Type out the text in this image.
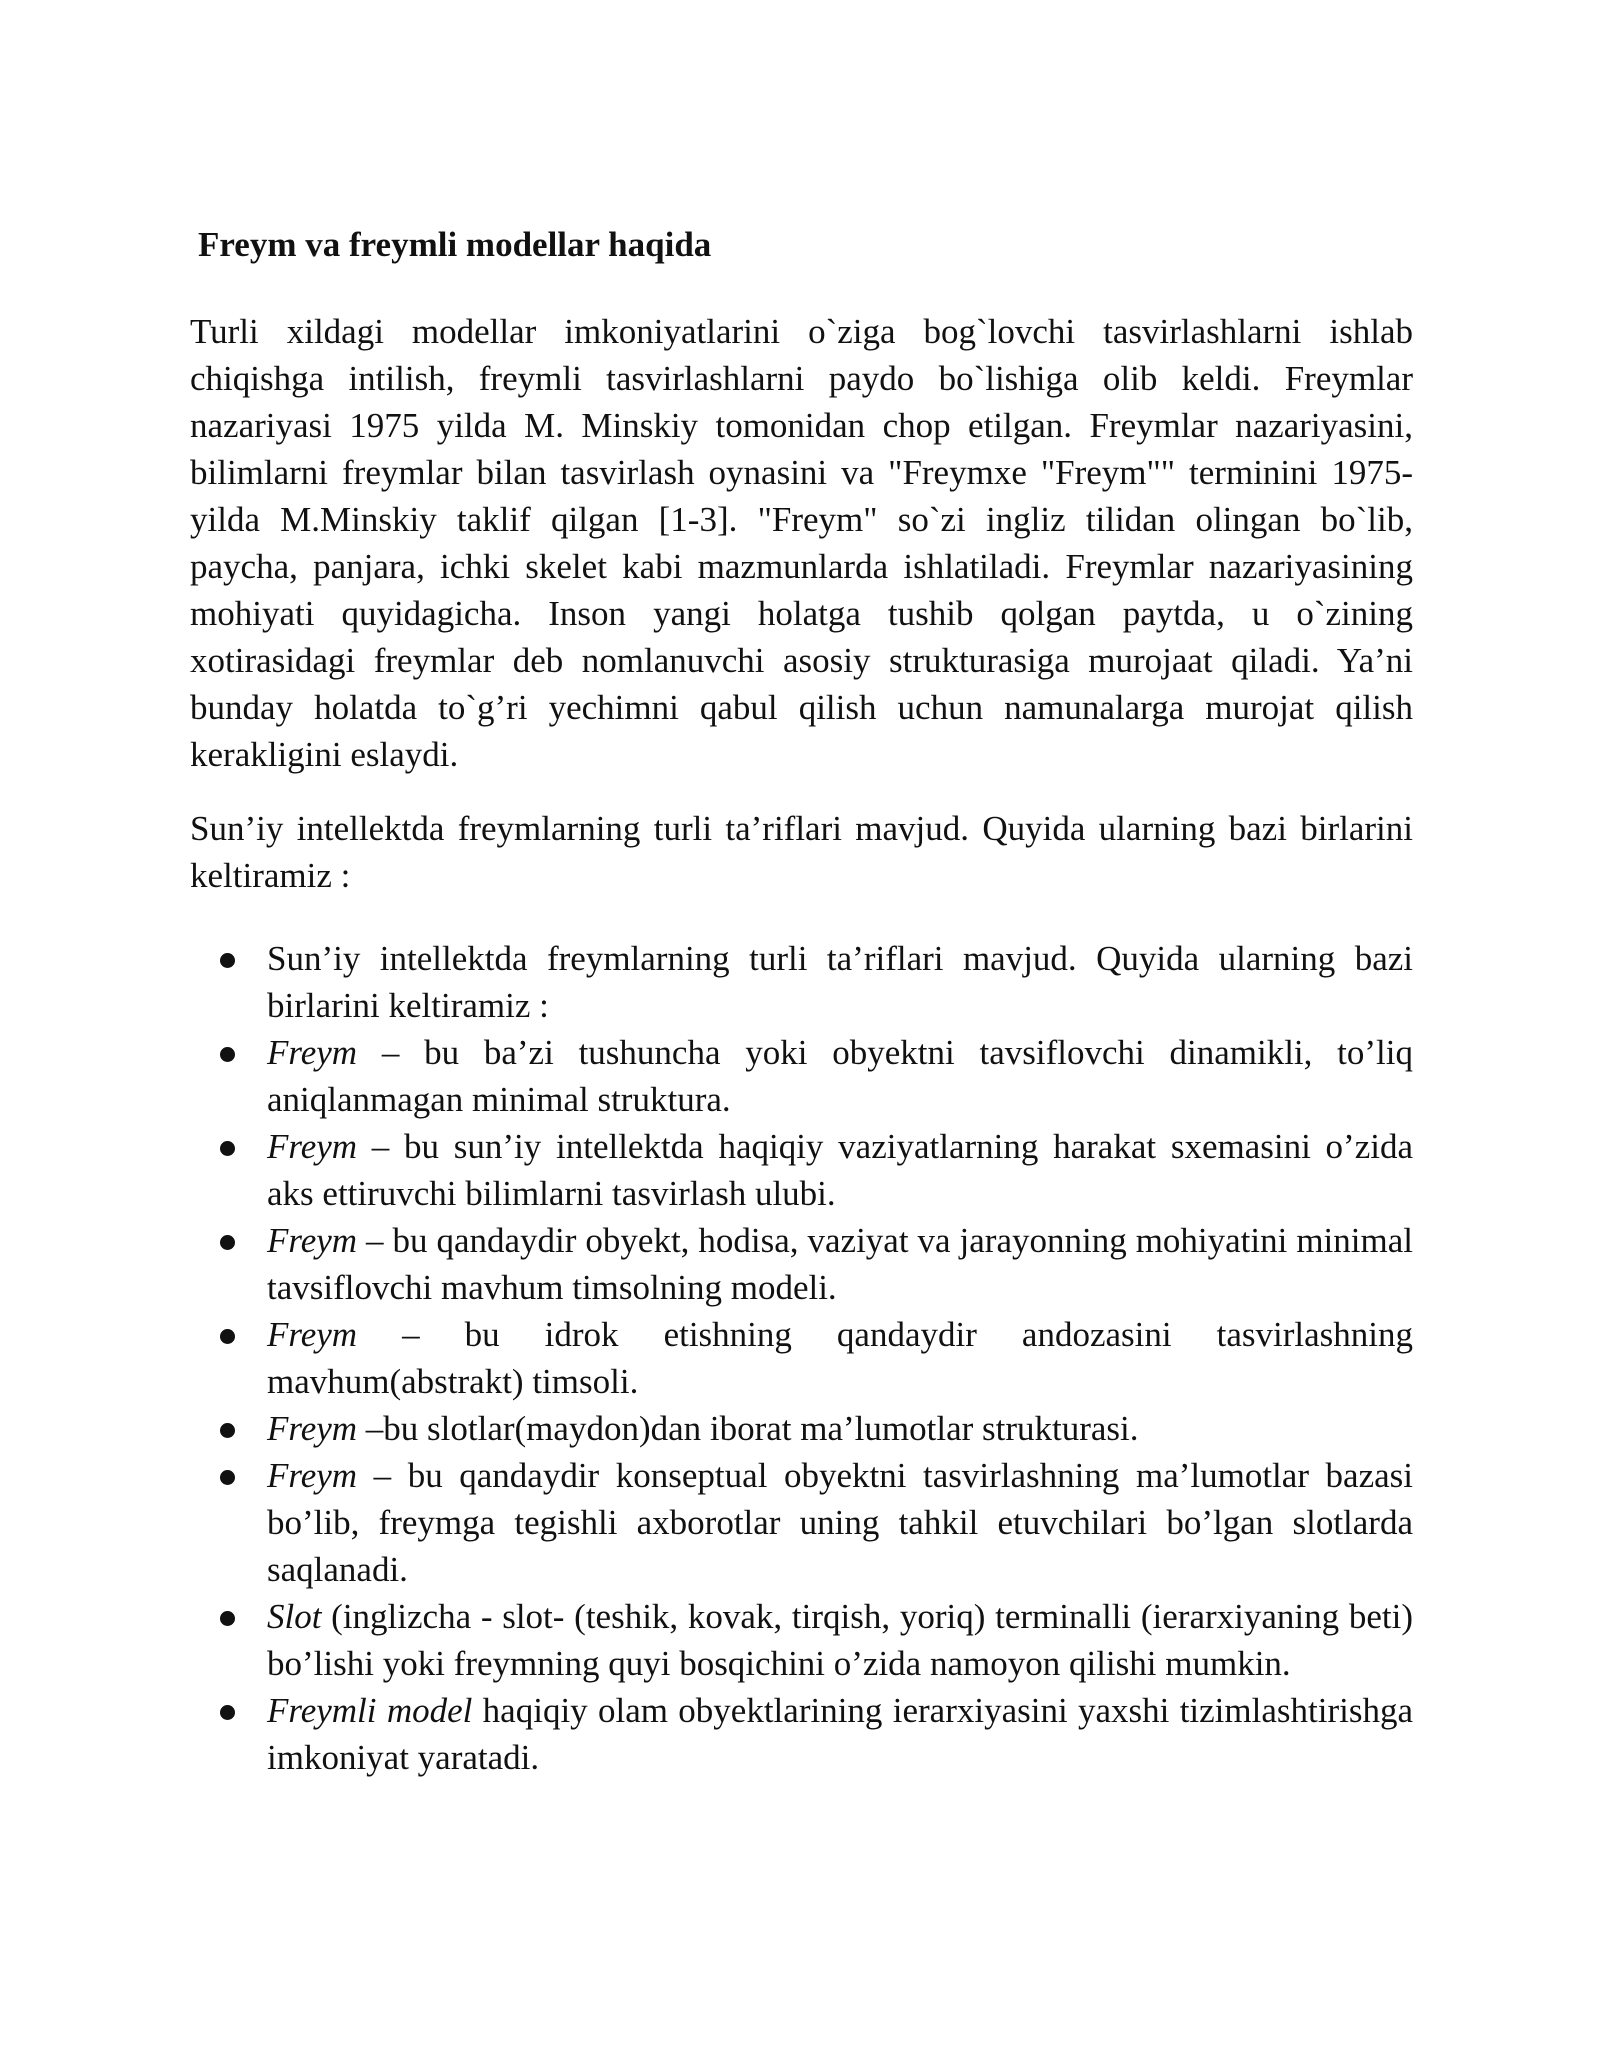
Freym va freymli modellar haqida

Turli xildagi modellar imkoniyatlarini o`ziga bog`lovchi tasvirlashlarni ishlab chiqishga intilish, freymli tasvirlashlarni paydo bo`lishiga olib keldi. Freymlar nazariyasi 1975 yilda M. Minskiy tomonidan chop etilgan. Freymlar nazariyasini, bilimlarni freymlar bilan tasvirlash oynasini va "Freymxe "Freym"" terminini 1975-yilda M.Minskiy taklif qilgan [1-3]. "Freym" so`zi ingliz tilidan olingan bo`lib, paycha, panjara, ichki skelet kabi mazmunlarda ishlatiladi. Freymlar nazariyasining mohiyati quyidagicha. Inson yangi holatga tushib qolgan paytda, u o`zining xotirasidagi freymlar deb nomlanuvchi asosiy strukturasiga murojaat qiladi. Ya’ni bunday holatda to`g’ri yechimni qabul qilish uchun namunalarga murojat qilish kerakligini eslaydi.

Sun’iy intellektda freymlarning turli ta’riflari mavjud. Quyida ularning bazi birlarini keltiramiz :

Sun’iy intellektda freymlarning turli ta’riflari mavjud. Quyida ularning bazi birlarini keltiramiz :
Freym – bu ba’zi tushuncha yoki obyektni tavsiflovchi dinamikli, to’liq aniqlanmagan minimal struktura.
Freym – bu sun’iy intellektda haqiqiy vaziyatlarning harakat sxemasini o’zida aks ettiruvchi bilimlarni tasvirlash ulubi.
Freym – bu qandaydir obyekt, hodisa, vaziyat va jarayonning mohiyatini minimal tavsiflovchi mavhum timsolning modeli.
Freym – bu idrok etishning qandaydir andozasini tasvirlashning mavhum(abstrakt) timsoli.
Freym –bu slotlar(maydon)dan iborat ma’lumotlar strukturasi.
Freym – bu qandaydir konseptual obyektni tasvirlashning ma’lumotlar bazasi bo’lib, freymga tegishli axborotlar uning tahkil etuvchilari bo’lgan slotlarda saqlanadi.
Slot (inglizcha - slot- (teshik, kovak, tirqish, yoriq) terminalli (ierarxiyaning beti) bo’lishi yoki freymning quyi bosqichini o’zida namoyon qilishi mumkin.
Freymli model haqiqiy olam obyektlarining ierarxiyasini yaxshi tizimlashtirishga imkoniyat yaratadi.
